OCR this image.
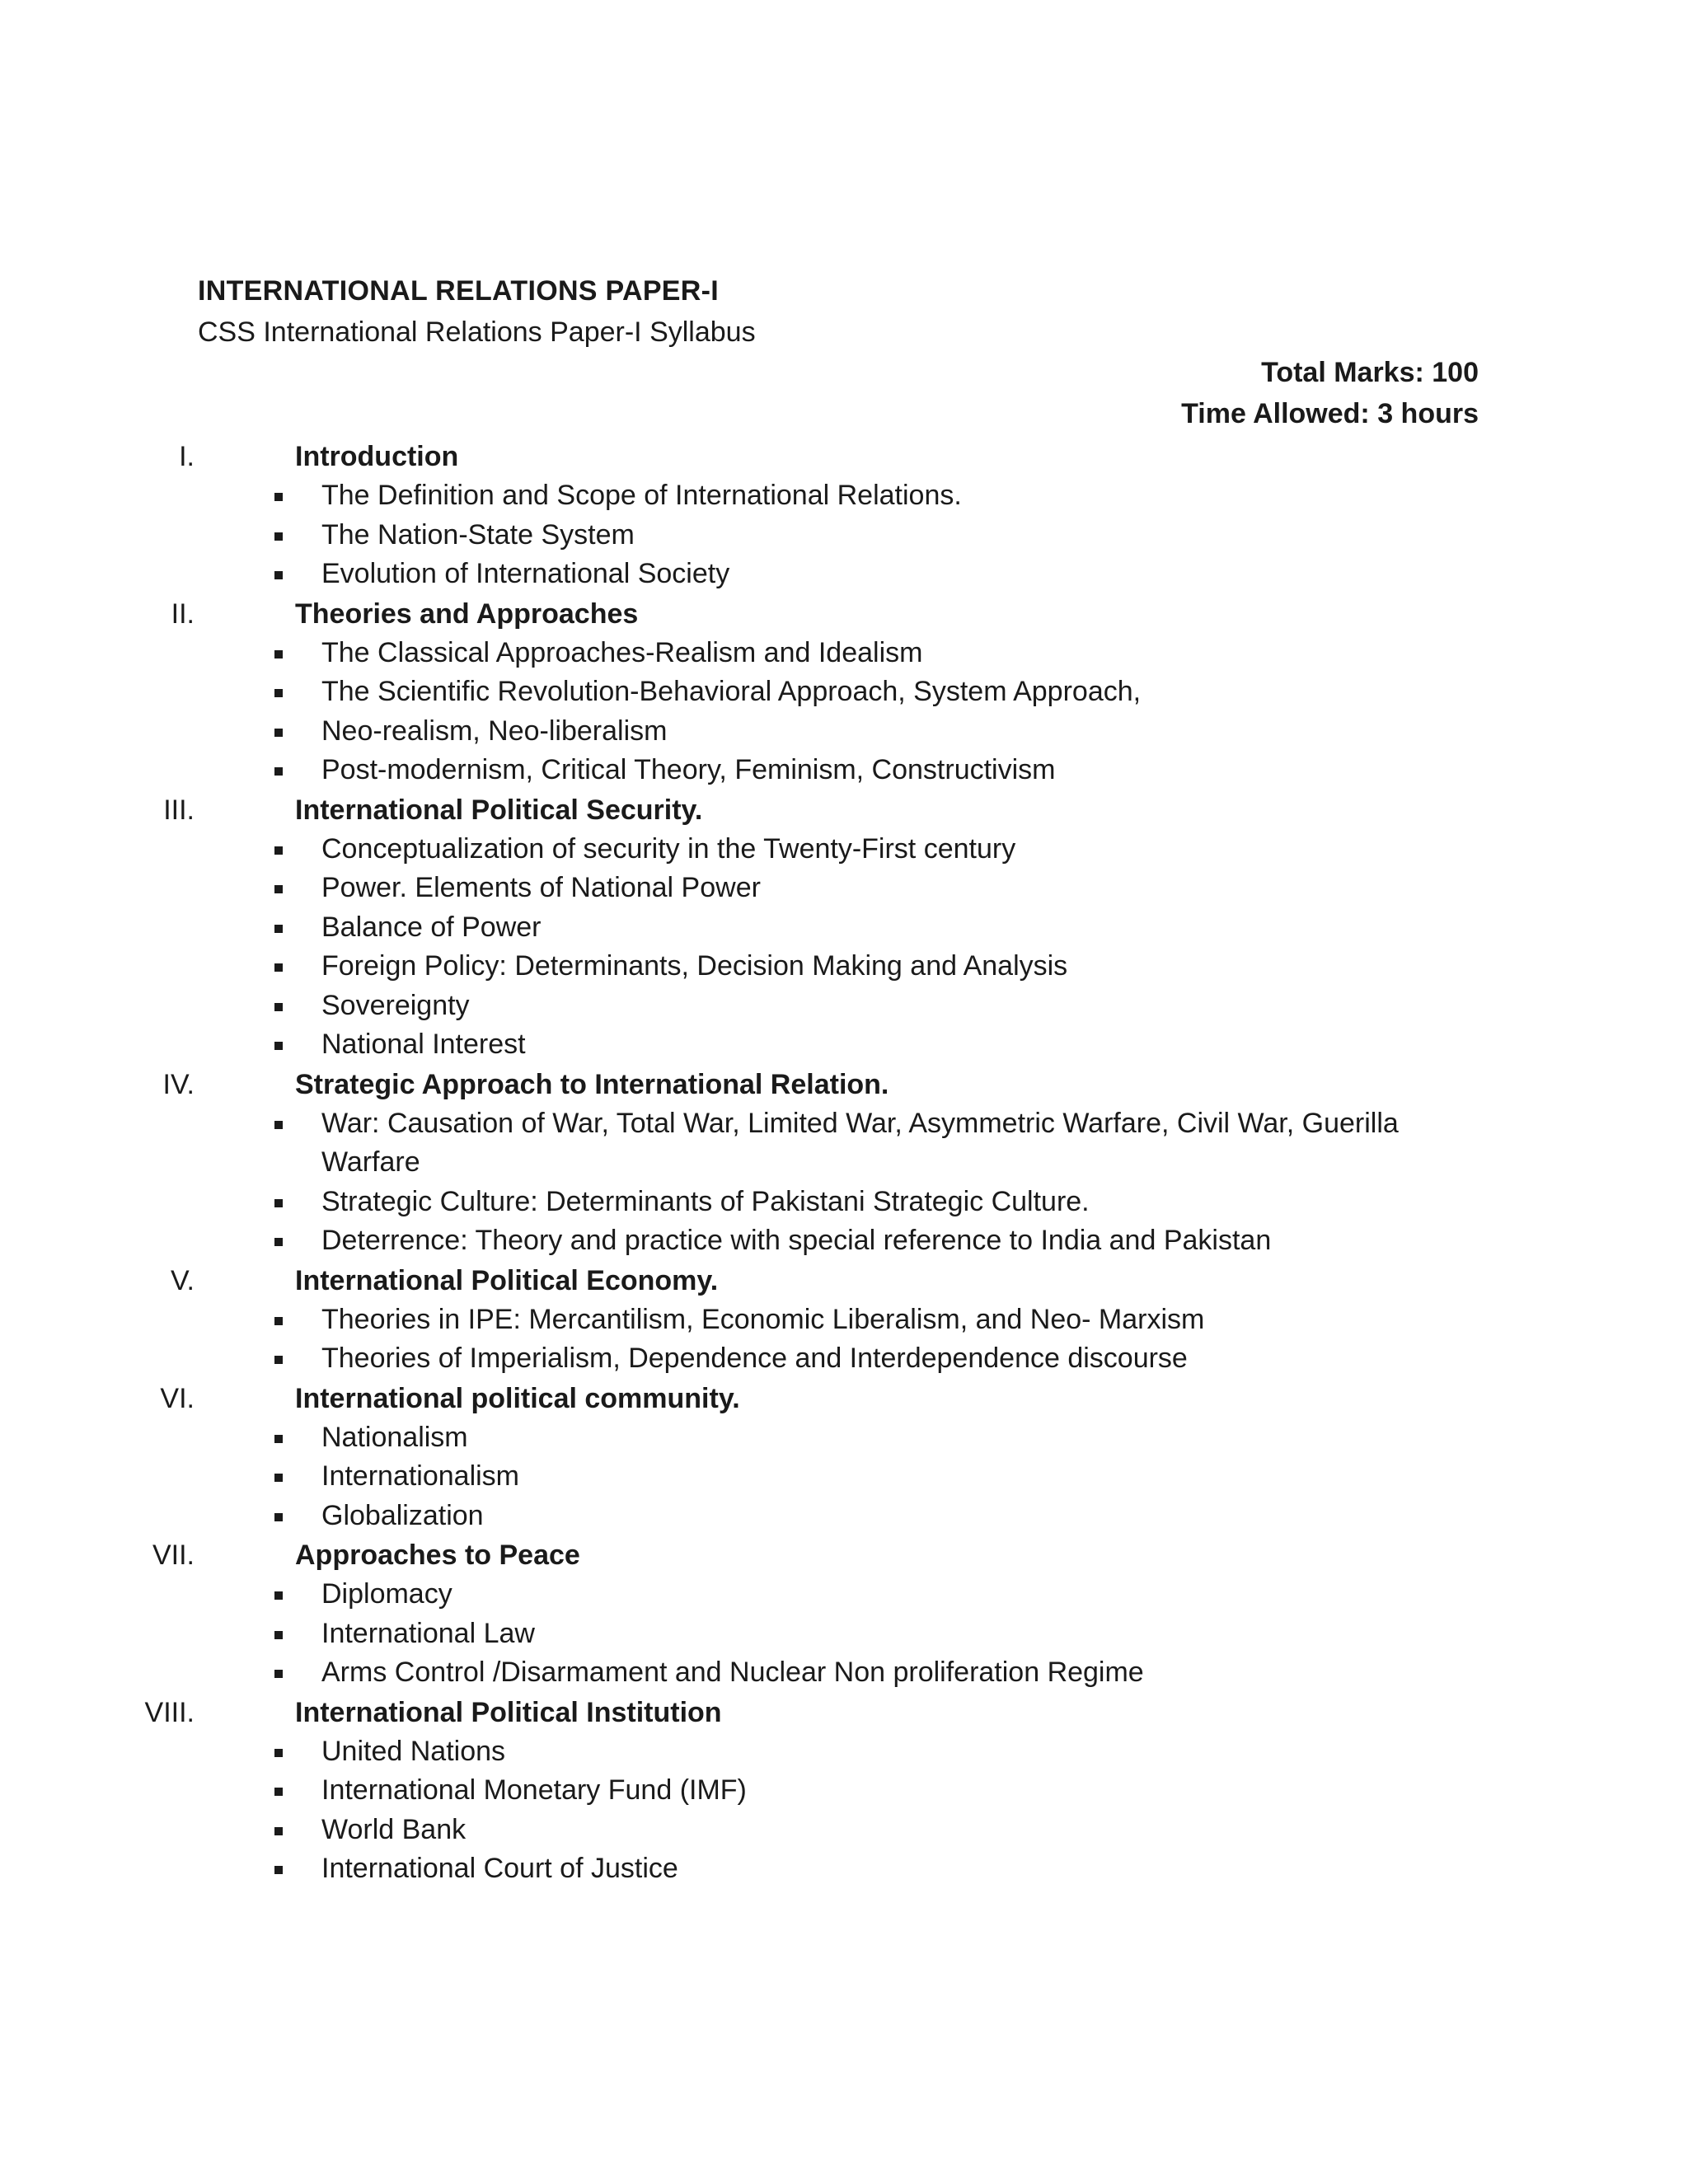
INTERNATIONAL RELATIONS PAPER-I
CSS International Relations Paper-I Syllabus
Total Marks: 100
Time Allowed: 3 hours
I.	Introduction
The Definition and Scope of International Relations.
The Nation-State System
Evolution of International Society
II.	Theories and Approaches
The Classical Approaches-Realism and Idealism
The Scientific Revolution-Behavioral Approach, System Approach,
Neo-realism, Neo-liberalism
Post-modernism, Critical Theory, Feminism, Constructivism
III.	International Political Security.
Conceptualization of security in the Twenty-First century
Power. Elements of National Power
Balance of Power
Foreign Policy: Determinants, Decision Making and Analysis
Sovereignty
National Interest
IV.	Strategic Approach to International Relation.
War: Causation of War, Total War, Limited War, Asymmetric Warfare, Civil War, Guerilla Warfare
Strategic Culture: Determinants of Pakistani Strategic Culture.
Deterrence: Theory and practice with special reference to India and Pakistan
V.	International Political Economy.
Theories in IPE: Mercantilism, Economic Liberalism, and Neo- Marxism
Theories of Imperialism, Dependence and Interdependence discourse
VI.	International political community.
Nationalism
Internationalism
Globalization
VII.	Approaches to Peace
Diplomacy
International Law
Arms Control /Disarmament and Nuclear Non proliferation Regime
VIII.	International Political Institution
United Nations
International Monetary Fund (IMF)
World Bank
International Court of Justice
